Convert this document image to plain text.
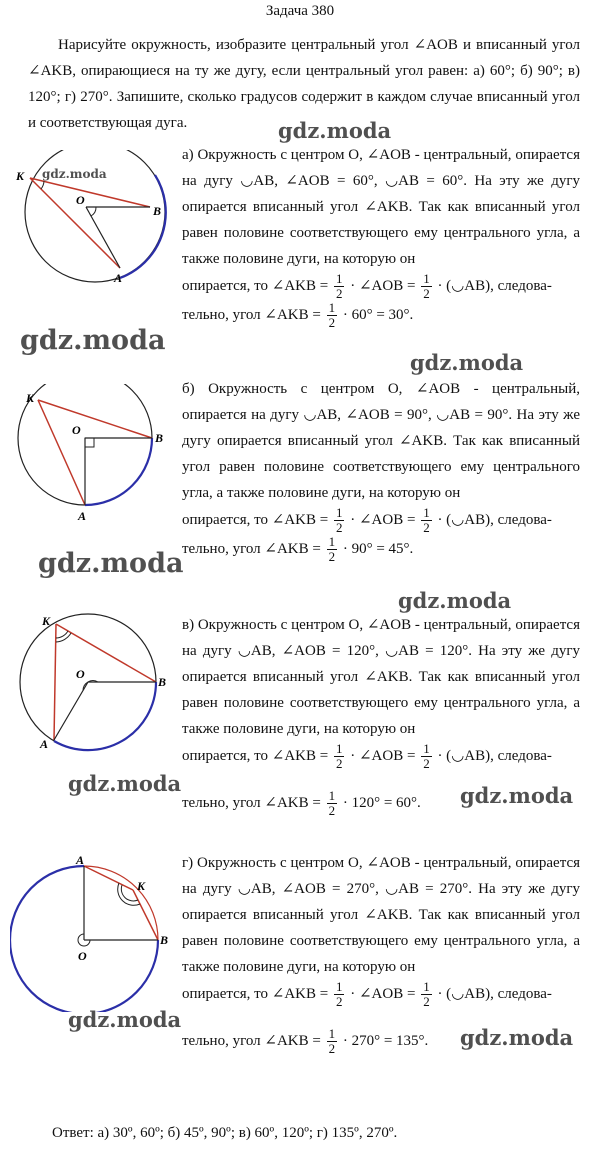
Задача 380
Нарисуйте окружность, изобразите центральный угол ∠AOB и вписанный угол ∠AKB, опирающиеся на ту же дугу, если центральный угол равен: а) 60°; б) 90°; в) 120°; г) 270°. Запишите, сколько градусов содержит в каждом случае вписанный угол и соответствующая дуга.

а) Окружность с центром O, ∠AOB - центральный, опирается на дугу ◡AB, ∠AOB = 60°, ◡AB = 60°. На эту же дугу опирается вписанный угол ∠AKB. Так как вписанный угол равен половине соответствующего ему центрального угла, а также половине дуги, на которую он

опирается, то ∠AKB = $\frac{1}{2}$ · ∠AOB = $\frac{1}{2}$ · (◡AB), следова-

тельно, угол ∠AKB = $\frac{1}{2} \cdot 60^\circ = 30^\circ$.

б) Окружность с центром O, ∠AOB - центральный, опирается на дугу ◡AB, ∠AOB = 90°, ◡AB = 90°. На эту же дугу опирается вписанный угол ∠AKB. Так как вписанный угол равен половине соответствующего ему центрального угла, а также половине дуги, на которую он

опирается, то ∠AKB = $\frac{1}{2}$ · ∠AOB = $\frac{1}{2}$ · (◡AB), следова-

тельно, угол ∠AKB = $\frac{1}{2} \cdot 90^\circ = 45^\circ$.

в) Окружность с центром O, ∠AOB - центральный, опирается на дугу ◡AB, ∠AOB = 120°, ◡AB = 120°. На эту же дугу опирается вписанный угол ∠AKB. Так как вписанный угол равен половине соответствующего ему центрального угла, а также половине дуги, на которую он

опирается, то ∠AKB = $\frac{1}{2}$ · ∠AOB = $\frac{1}{2}$ · (◡AB), следова-

тельно, угол ∠AKB = $\frac{1}{2} \cdot 120^\circ = 60^\circ$.

г) Окружность с центром O, ∠AOB - центральный, опирается на дугу ◡AB, ∠AOB = 270°, ◡AB = 270°. На эту же дугу опирается вписанный угол ∠AKB. Так как вписанный угол равен половине соответствующего ему центрального угла, а также половине дуги, на которую он

опирается, то ∠AKB = $\frac{1}{2}$ · ∠AOB = $\frac{1}{2}$ · (◡AB), следова-

тельно, угол ∠AKB = $\frac{1}{2} \cdot 270^\circ = 135^\circ$.

K
O
B
A
K
O
B
A
K
O
B
A
A
K
B
O
Ответ: а) 30º, 60º; б) 45º, 90º; в) 60º, 120º; г) 135º, 270º.
gdz.moda
gdz.moda
gdz.moda
gdz.moda
gdz.moda
gdz.moda
gdz.moda	gdz.moda
gdz.moda
gdz.moda
